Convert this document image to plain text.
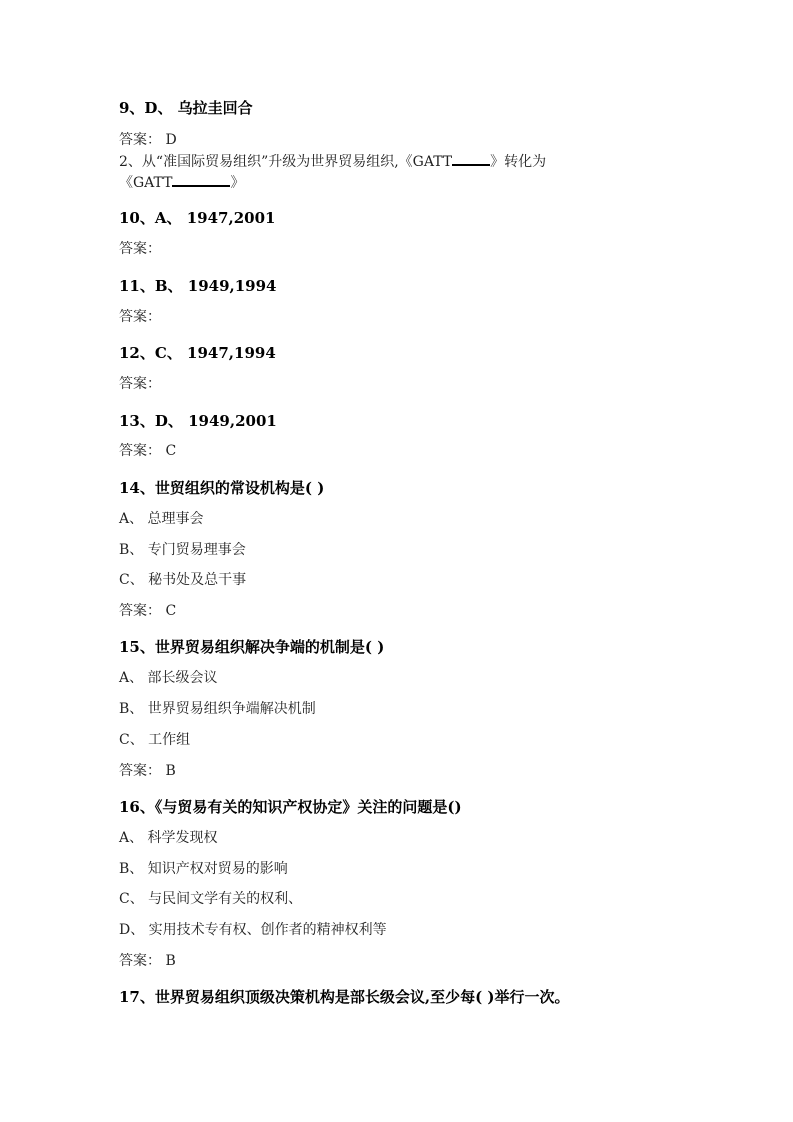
9、D、 乌拉圭回合
答案： D
2、从“准国际贸易组织”升级为世界贸易组织,《GATT	》转化为
《GATT	》
10、A、 1947,2001
答案：
11、B、 1949,1994
答案：
12、C、 1947,1994
答案：
13、D、 1949,2001
答案： C
14、世贸组织的常设机构是( )
A、 总理事会
B、 专门贸易理事会
C、 秘书处及总干事
答案： C
15、世界贸易组织解决争端的机制是( )
A、 部长级会议
B、 世界贸易组织争端解决机制
C、 工作组
答案： B
16、《与贸易有关的知识产权协定》关注的问题是()
A、 科学发现权
B、 知识产权对贸易的影响
C、 与民间文学有关的权利、
D、 实用技术专有权、创作者的精神权利等
答案： B
17、世界贸易组织顶级决策机构是部长级会议,至少每( )举行一次。
